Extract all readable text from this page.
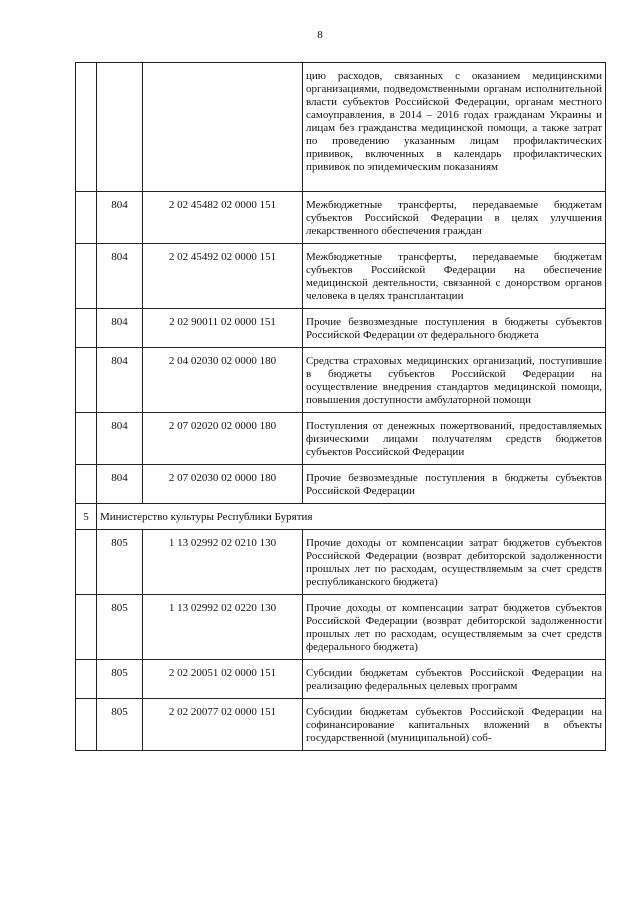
8
			цию расходов, связанных с оказанием медицинскими организациями, подведомственными органам исполнительной власти субъектов Российской Федерации, органам местного самоуправления, в 2014 – 2016 годах гражданам Украины и лицам без гражданства медицинской помощи, а также затрат по проведению указанным лицам профилактических прививок, включенных в календарь профилактических прививок по эпидемическим показаниям
	804	2 02 45482 02 0000 151	Межбюджетные трансферты, передаваемые бюджетам субъектов Российской Федерации в целях улучшения лекарственного обеспечения граждан
	804	2 02 45492 02 0000 151	Межбюджетные трансферты, передаваемые бюджетам субъектов Российской Федерации на обеспечение медицинской деятельности, связанной с донорством органов человека в целях трансплантации
	804	2 02 90011 02 0000 151	Прочие безвозмездные поступления в бюджеты субъектов Российской Федерации от федерального бюджета
	804	2 04 02030 02 0000 180	Средства страховых медицинских организаций, поступившие в бюджеты субъектов Российской Федерации на осуществление внедрения стандартов медицинской помощи, повышения доступности амбулаторной помощи
	804	2 07 02020 02 0000 180	Поступления от денежных пожертвований, предоставляемых физическими лицами получателям средств бюджетов субъектов Российской Федерации
	804	2 07 02030 02 0000 180	Прочие безвозмездные поступления в бюджеты субъектов Российской Федерации
5	Министерство культуры Республики Бурятия		
	805	1 13 02992 02 0210 130	Прочие доходы от компенсации затрат бюджетов субъектов Российской Федерации (возврат дебиторской задолженности прошлых лет по расходам, осуществляемым за счет средств республиканского бюджета)
	805	1 13 02992 02 0220 130	Прочие доходы от компенсации затрат бюджетов субъектов Российской Федерации (возврат дебиторской задолженности прошлых лет по расходам, осуществляемым за счет средств федерального бюджета)
	805	2 02 20051 02 0000 151	Субсидии бюджетам субъектов Российской Федерации на реализацию федеральных целевых программ
	805	2 02 20077 02 0000 151	Субсидии бюджетам субъектов Российской Федерации на софинансирование капитальных вложений в объекты государственной (муниципальной) соб-
